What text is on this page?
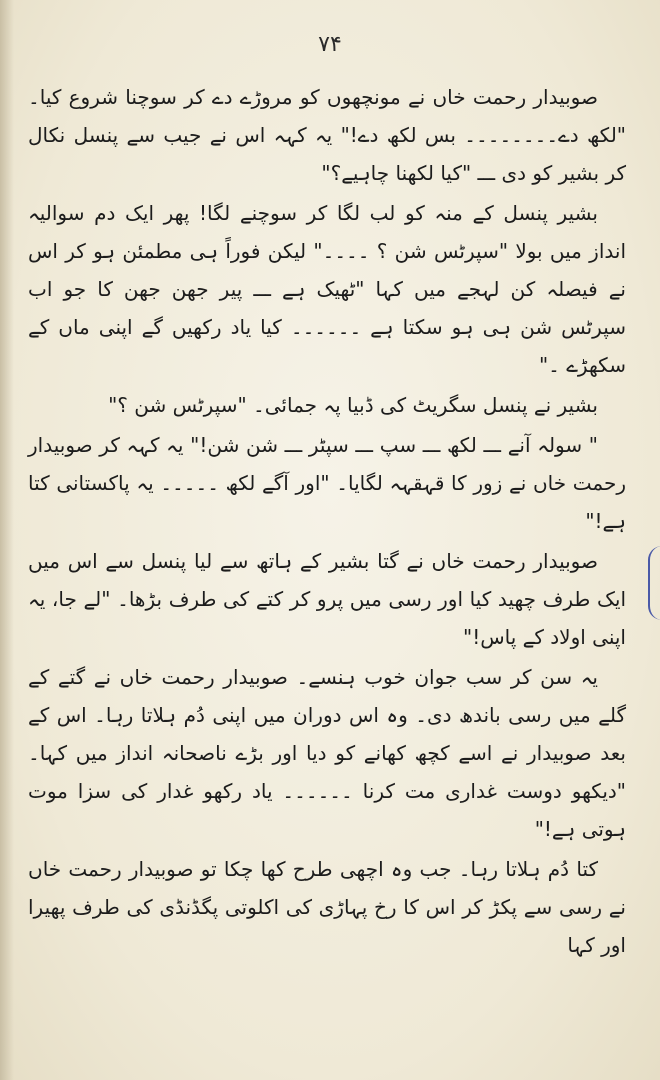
۷۴

صوبیدار رحمت خاں نے مونچھوں کو مروڑے دے کر سوچنا شروع کیا۔ "لکھ دے۔۔۔۔۔۔۔۔ بس لکھ دے!" یہ کہہ اس نے جیب سے پنسل نکال کر بشیر کو دی ـــ "کیا لکھنا چاہیے؟"

بشیر پنسل کے منہ کو لب لگا کر سوچنے لگا! پھر ایک دم سوالیہ انداز میں بولا "سپرٹس شن ؟ ۔۔۔۔" لیکن فوراً ہی مطمئن ہو کر اس نے فیصلہ کن لہجے میں کہا "ٹھیک ہے ـــ پیر جھن جھن کا جو اب سپرٹس شن ہی ہو سکتا ہے ۔۔۔۔۔۔ کیا یاد رکھیں گے اپنی ماں کے سکھڑے ۔"

بشیر نے پنسل سگریٹ کی ڈبیا پہ جمائی۔ "سپرٹس شن ؟"

" سولہ آنے ـــ لکھ ـــ سپ ـــ سپٹر ـــ شن شن!" یہ کہہ کر صوبیدار رحمت خاں نے زور کا قہقہہ لگایا۔ "اور آگے لکھ ۔۔۔۔۔ یہ پاکستانی کتا ہے!"

صوبیدار رحمت خاں نے گتا بشیر کے ہاتھ سے لیا پنسل سے اس میں ایک طرف چھید کیا اور رسی میں پرو کر کتے کی طرف بڑھا۔ "لے جا، یہ اپنی اولاد کے پاس!"

یہ سن کر سب جوان خوب ہنسے۔ صوبیدار رحمت خاں نے گتے کے گلے میں رسی باندھ دی۔ وہ اس دوران میں اپنی دُم ہلاتا رہا۔ اس کے بعد صوبیدار نے اسے کچھ کھانے کو دیا اور بڑے ناصحانہ انداز میں کہا۔ "دیکھو دوست غداری مت کرنا ۔۔۔۔۔۔ یاد رکھو غدار کی سزا موت ہوتی ہے!"

کتا دُم ہلاتا رہا۔ جب وہ اچھی طرح کھا چکا تو صوبیدار رحمت خاں نے رسی سے پکڑ کر اس کا رخ پہاڑی کی اکلوتی پگڈنڈی کی طرف پھیرا اور کہا
